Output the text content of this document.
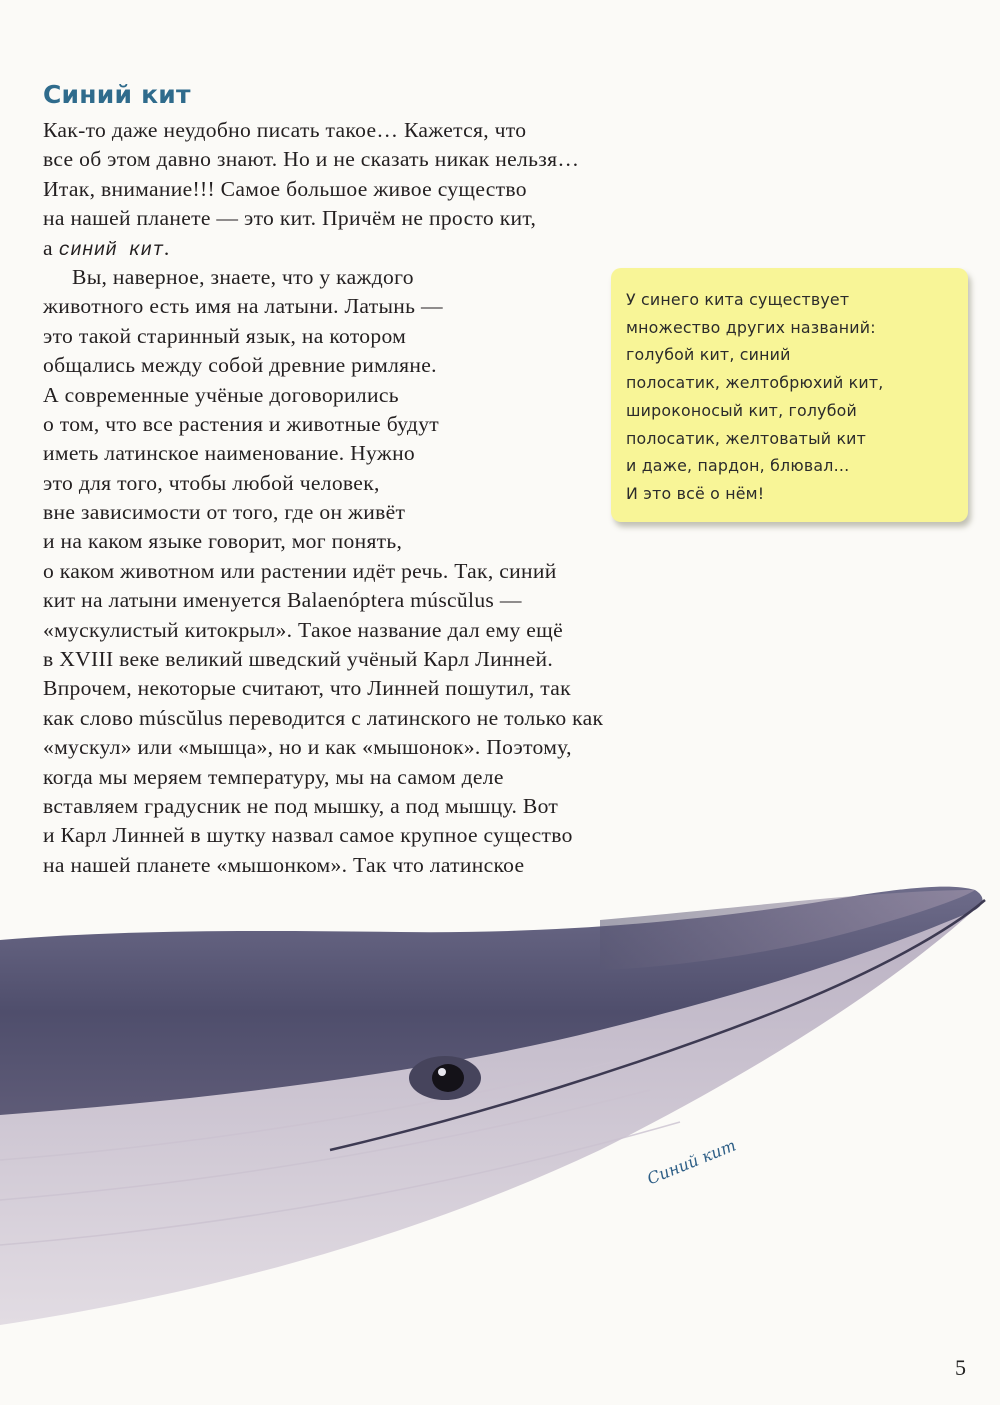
Синий кит
Как-то даже неудобно писать такое… Кажется, что
все об этом давно знают. Но и не сказать никак нельзя…
Итак, внимание!!! Самое большое живое существо
на нашей планете — это кит. Причём не просто кит,
а синий кит.
Вы, наверное, знаете, что у каждого
животного есть имя на латыни. Латынь —
это такой старинный язык, на котором
общались между собой древние римляне.
А современные учёные договорились
о том, что все растения и животные будут
иметь латинское наименование. Нужно
это для того, чтобы любой человек,
вне зависимости от того, где он живёт
и на каком языке говорит, мог понять,
о каком животном или растении идёт речь. Так, синий
кит на латыни именуется Balaenóptera múscŭlus —
«мускулистый китокрыл». Такое название дал ему ещё
в XVIII веке великий шведский учёный Карл Линней.
Впрочем, некоторые считают, что Линней пошутил, так
как слово múscŭlus переводится с латинского не только как
«мускул» или «мышца», но и как «мышонок». Поэтому,
когда мы меряем температуру, мы на самом деле
вставляем градусник не под мышку, а под мышцу. Вот
и Карл Линней в шутку назвал самое крупное существо
на нашей планете «мышонком». Так что латинское
У синего кита существует
множество других названий:
голубой кит, синий
полосатик, желтобрюхий кит,
широконосый кит, голубой
полосатик, желтоватый кит
и даже, пардон, блювал…
И это всё о нём!

Синий кит

5
